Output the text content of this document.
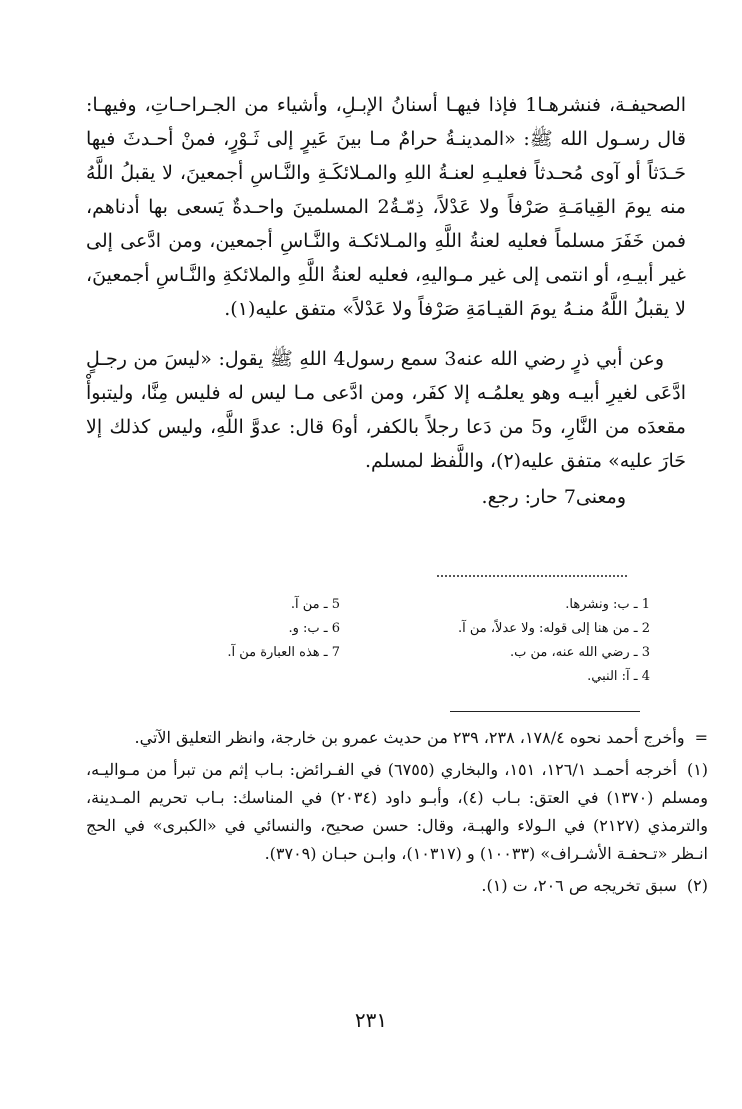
الصحيفـة، فنشرهـا1 فإذا فيهـا أسنانُ الإبـلِ، وأشياء من الجـراحـاتِ، وفيهـا: قال رسـول الله ﷺ: «المدينـةُ حرامٌ مـا بينَ عَيرٍ إلى ثَـوْرٍ، فمنْ أحـدثَ فيها حَـدَثاً أو آوى مُحـدثاً فعليـهِ لعنـةُ اللهِ والمـلائكَـةِ والنَّـاسِ أجمعينَ، لا يقبلُ اللَّهُ منه يومَ القِيامَـةِ صَرْفاً ولا عَدْلاً، ذِمّـةُ2 المسلمينَ واحـدةٌ يَسعى بها أدناهم، فمن خَفَرَ مسلماً فعليه لعنةُ اللَّهِ والمـلائكـة والنَّـاسِ أجمعين، ومن ادَّعى إلى غير أبيـهِ، أو انتمى إلى غير مـواليهِ، فعليه لعنةُ اللَّهِ والملائكةِ والنَّـاسِ أجمعينَ، لا يقبلُ اللَّهُ منـهُ يومَ القيـامَةِ صَرْفاً ولا عَدْلاً» متفق عليه(١).

وعن أبي ذرٍ رضي الله عنه3 سمع رسول4 اللهِ ﷺ يقول: «ليسَ من رجـلٍ ادَّعَى لغيرِ أبيـه وهو يعلمُـه إلا كفَر، ومن ادَّعى مـا ليس له فليس مِنَّا، وليتبوأْ مقعدَه من النَّارِ، و5 من دَعا رجلاً بالكفر، أو6 قال: عدوَّ اللَّهِ، وليس كذلك إلا حَارَ عليه» متفق عليه(٢)، واللَّفظ لمسلم.

ومعنى7 حار: رجع.

1 ـ ب: ونشرها.
5 ـ من آ.
2 ـ من هنا إلى قوله: ولا عدلاً، من آ.
6 ـ ب: و.
3 ـ رضي الله عنه، من ب.
7 ـ هذه العبارة من آ.
4 ـ آ: النبي.

=وأخرج أحمد نحوه ١٧٨/٤، ٢٣٨، ٢٣٩ من حديث عمرو بن خارجة، وانظر التعليق الآتي.

(١)أخرجه أحمـد ١٢٦/١، ١٥١، والبخاري (٦٧٥٥) في الفـرائض: بـاب إثم من تبرأ من مـواليـه، ومسلم (١٣٧٠) في العتق: بـاب (٤)، وأبـو داود (٢٠٣٤) في المناسك: بـاب تحريم المـدينة، والترمذي (٢١٢٧) في الـولاء والهبـة، وقال: حسن صحيح، والنسائي في «الكبرى» في الحج انـظر «تـحفـة الأشـراف» (١٠٠٣٣) و (١٠٣١٧)، وابـن حبـان (٣٧٠٩).

(٢)سبق تخريجه ص ٢٠٦، ت (١).

٢٣١
